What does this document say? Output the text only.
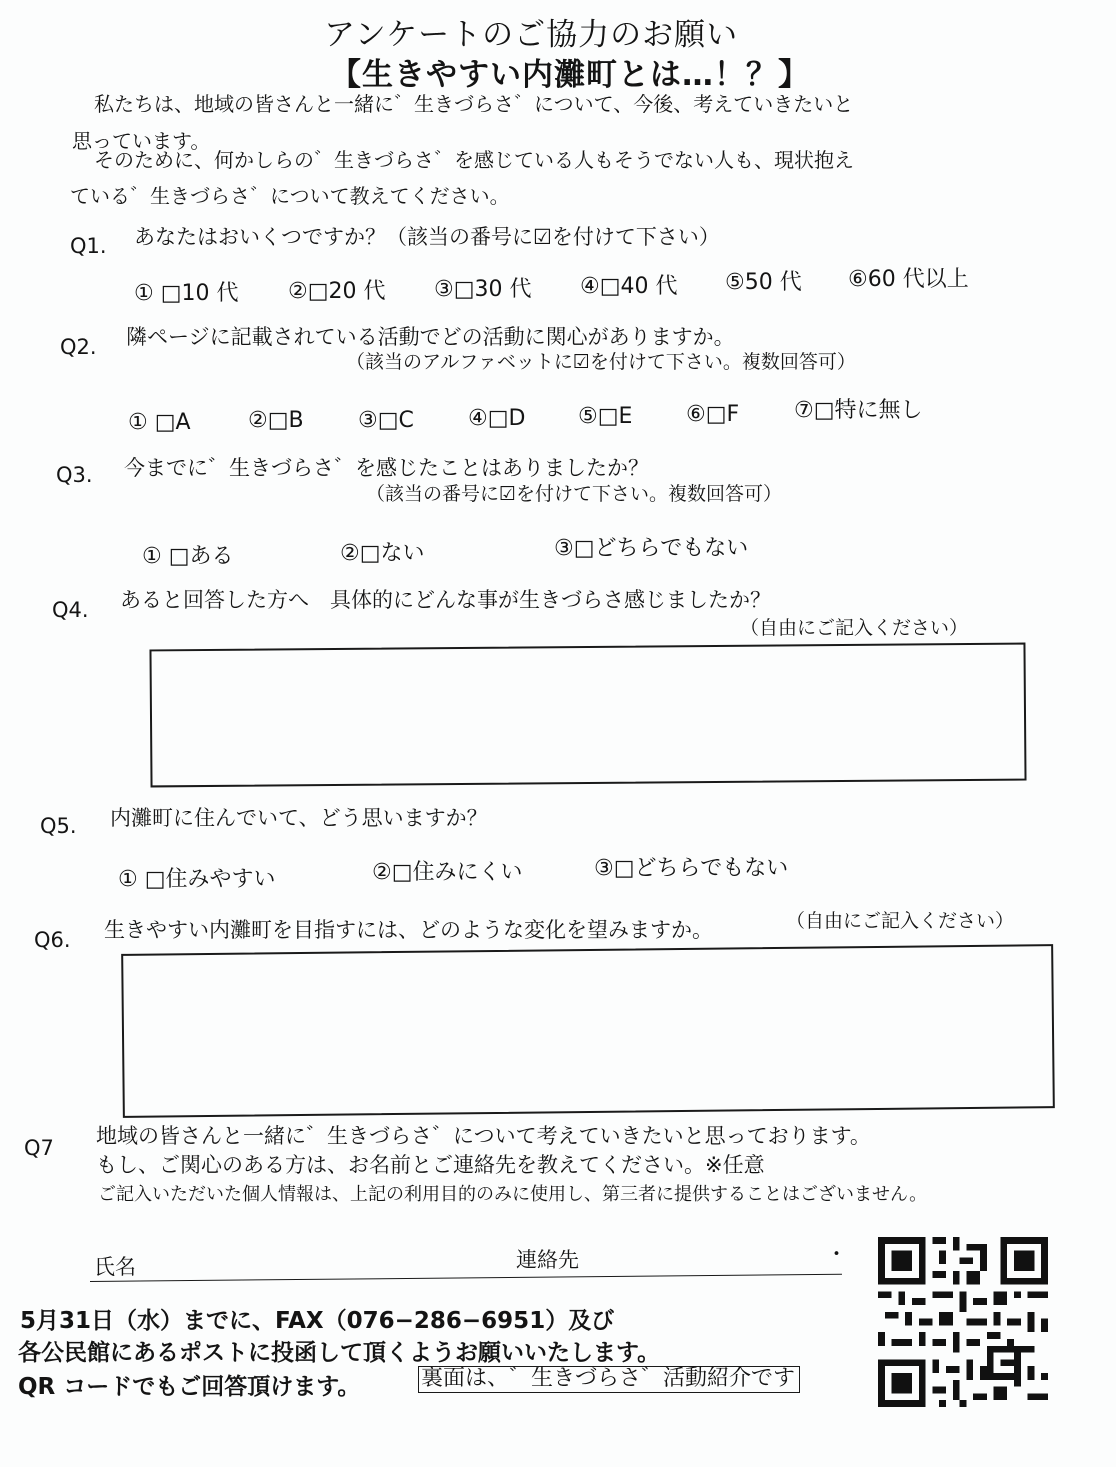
アンケートのご協力のお願い
【生きやすい内灘町とは…！？】
私たちは、地域の皆さんと一緒に゛生きづらさ゛について、今後、考えていきたいと
思っています。
そのために、何かしらの゛生きづらさ゛を感じている人もそうでない人も、現状抱え
ている゛生きづらさ゛について教えてください。
Q1. あなたはおいくつですか？（該当の番号に☑を付けて下さい）
① □10 代 ②□20 代 ③□30 代 ④□40 代 ⑤50 代 ⑥60 代以上
Q2. 隣ページに記載されている活動でどの活動に関心がありますか。
（該当のアルファベットに☑を付けて下さい。複数回答可）
① □A	②□B ③□C ④□D ⑤□E ⑥□F ⑦□特に無し
Q3. 今までに゛生きづらさ゛を感じたことはありましたか？
（該当の番号に☑を付けて下さい。複数回答可）
① □ある	②□ない	③□どちらでもない
Q4. あると回答した方へ　具体的にどんな事が生きづらさ感じましたか？
（自由にご記入ください）
Q5. 内灘町に住んでいて、どう思いますか？
① □住みやすい	②□住みにくい	③□どちらでもない
Q6. 生きやすい内灘町を目指すには、どのような変化を望みますか。	（自由にご記入ください）
Q7 地域の皆さんと一緒に゛生きづらさ゛について考えていきたいと思っております。
もし、ご関心のある方は、お名前とご連絡先を教えてください。※任意
ご記入いただいた個人情報は、上記の利用目的のみに使用し、第三者に提供することはございません。
氏名	連絡先	・
5月31日（水）までに、FAX（076−286−6951）及び
各公民館にあるポストに投函して頂くようお願いいたします。
QR コードでもご回答頂けます。	裏面は、゛生きづらさ゛活動紹介です
